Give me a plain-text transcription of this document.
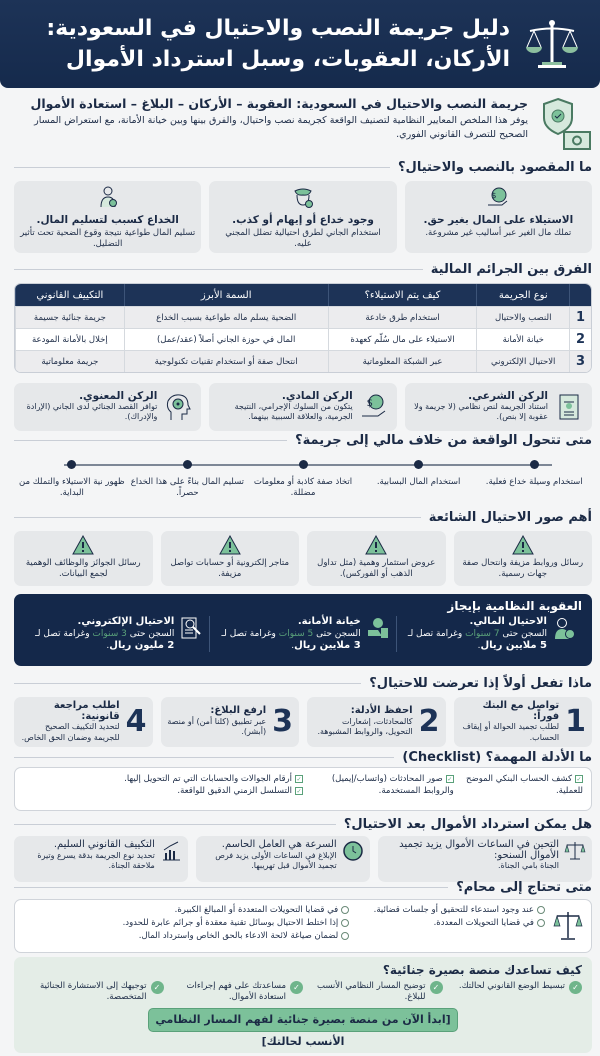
دليل جريمة النصب والاحتيال في السعودية:
الأركان، العقوبات، وسبل استرداد الأموال
جريمة النصب والاحتيال في السعودية: العقوبة – الأركان – البلاغ – استعادة الأموال

يوفر هذا الملخص المعايير النظامية لتصنيف الواقعة كجريمة نصب واحتيال، والفرق بينها وبين خيانة الأمانة، مع استعراض المسار الصحيح للتصرف القانوني الفوري.

ما المقصود بالنصب والاحتيال؟
$
الاستيلاء على المال بغير حق.
تملك مال الغير عبر أساليب غير مشروعة.
وجود خداع أو إيهام أو كذب.
استخدام الجاني لطرق احتيالية تضلل المجني عليه.
الخداع كسبب لتسليم المال.
تسليم المال طواعية نتيجة وقوع الضحية تحت تأثير التضليل.
الفرق بين الجرائم المالية
	نوع الجريمة	كيف يتم الاستيلاء؟	السمة الأبرز	التكييف القانوني
1	النصب والاحتيال	استخدام طرق خادعة	الضحية يسلم ماله طواعية بسبب الخداع	جريمة جنائية جسيمة
2	خيانة الأمانة	الاستيلاء على مال سُلّم كعهدة	المال في حوزة الجاني أصلاً (عقد/عمل)	إخلال بالأمانة المودعة
3	الاحتيال الإلكتروني	عبر الشبكة المعلوماتية	انتحال صفة أو استخدام تقنيات تكنولوجية	جريمة معلوماتية
الركن الشرعي.
استناد الجريمة لنص نظامي (لا جريمة ولا عقوبة إلا بنص).
$
الركن المادي.
يتكون من السلوك الإجرامي، النتيجة الجرمية، والعلاقة السببية بينهما.
الركن المعنوي.
توافر القصد الجنائي لدى الجاني (الإرادة والإدراك).
متى تتحول الواقعة من خلاف مالي إلى جريمة؟
استخدام وسيلة خداع فعلية.
استخدام المال البسابية.
اتخاذ صفة كاذبة أو معلومات مضللة.
تسليم المال بناءً على هذا الخداع حصراً.
ظهور نية الاستيلاء والتملك من البداية.
أهم صور الاحتيال الشائعة
رسائل وروابط مزيفة وانتحال صفة جهات رسمية.
عروض استثمار وهمية (مثل تداول الذهب أو الفوركس).
متاجر إلكترونية أو حسابات تواصل مزيفة.
رسائل الجوائز والوظائف الوهمية لجمع البيانات.
العقوبة النظامية بإيجاز
الاحتيال المالي.
السجن حتى 7 سنوات وغرامة تصل لـ 5 ملايين ريال.
خيانة الأمانة.
السجن حتى 5 سنوات وغرامة تصل لـ 3 ملايين ريال.
الاحتيال الإلكتروني.
السجن حتى 3 سنوات وغرامة تصل لـ 2 مليون ريال.
ماذا تفعل أولاً إذا تعرضت للاحتيال؟
1
تواصل مع البنك فوراً:
لطلب تجميد الحوالة أو إيقاف الحساب.
2
احفظ الأدلة:
كالمحادثات، إشعارات التحويل، والروابط المشبوهة.
3
ارفع البلاغ:
عبر تطبيق (كلنا أمن) أو منصة (أبشر).
4
اطلب مراجعة قانونية:
لتحديد التكييف الصحيح للجريمة وضمان الحق الخاص.
ما الأدلة المهمة؟ (Checklist)
✓كشف الحساب البنكي الموضح للعملية.
✓صور المحادثات (واتساب/إيميل) والروابط المستخدمة.
✓أرقام الجوالات والحسابات التي تم التحويل إليها.
✓التسلسل الزمني الدقيق للواقعة.
هل يمكن استرداد الأموال بعد الاحتيال؟
التحين في الساعات الأموال يزيد تجميد الأموال السنحو:
الجناة بامي الجناة.
السرعة هي العامل الحاسم.
الإبلاغ في الساعات الأولى يزيد فرص تجميد الأموال قبل تهريبها.
التكييف القانوني السليم.
تحديد نوع الجريمة بدقة يسرع وتيرة ملاحقة الجناة.
متى تحتاج إلى محام؟
عند وجود استدعاء للتحقيق أو جلسات قضائية.
في قضايا التحويلات المعددة.
في قضايا التحويلات المتعددة أو المبالغ الكبيرة.
إذا اختلط الاحتيال بوسائل تقنية معقدة أو جرائم عابرة للحدود.
لضمان صياغة لائحة الادعاء بالحق الخاص واسترداد المال.
كيف تساعدك منصة بصيرة جنائية؟
✓
تبسيط الوضع القانوني لحالتك.
✓
توضيح المسار النظامي الأنسب للبلاغ.
✓
مساعدتك على فهم إجراءات استعادة الأموال.
✓
توجيهك إلى الاستشارة الجنائية المتخصصة.
[ابدأ الآن من منصة بصيرة جنائية لفهم المسار النظامي الأنسب لحالتك]
